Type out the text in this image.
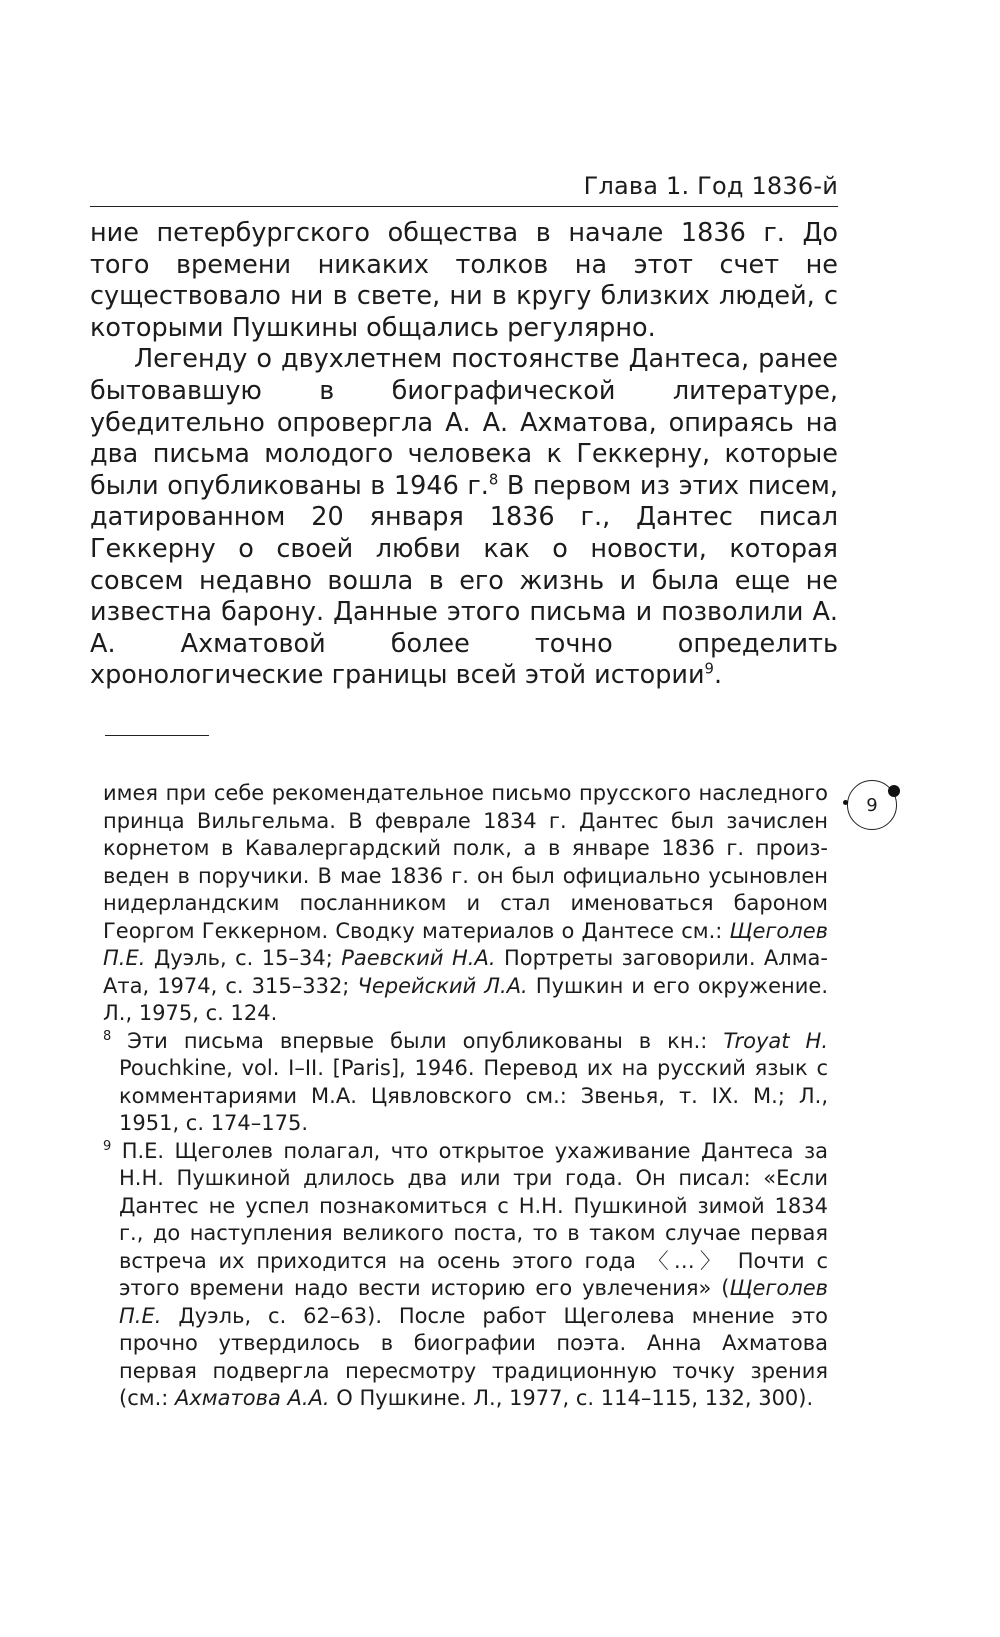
Глава 1. Год 1836-й

ние петербургского общества в начале 1836 г. До того времени никаких толков на этот счет не существовало ни в свете, ни в кругу близких людей, с которыми Пушкины общались регулярно.

Легенду о двухлетнем постоянстве Дантеса, ранее бытовавшую в биографической литературе, убедительно опровергла А. А. Ахматова, опираясь на два письма молодого человека к Геккерну, которые были опубликованы в 1946 г.$^8$ В первом из этих писем, датированном 20 января 1836 г., Дантес писал Геккерну о своей любви как о новости, которая совсем недавно вошла в его жизнь и была еще не известна барону. Данные этого письма и позволили А. А. Ахматовой более точно определить хронологические границы всей этой истории$^9$.

имея при себе рекомендательное письмо прусского наследного принца Вильгельма. В феврале 1834 г. Дантес был зачислен корнетом в Кавалергардский полк, а в январе 1836 г. произведен в поручики. В мае 1836 г. он был официально усыновлен нидерландским посланником и стал именоваться бароном Георгом Геккерном. Сводку материалов о Дантесе см.: Щеголев П.Е. Дуэль, с. 15–34; Раевский Н.А. Портреты заговорили. Алма-Ата, 1974, с. 315–332; Черейский Л.А. Пушкин и его окружение. Л., 1975, с. 124.

$^8$ Эти письма впервые были опубликованы в кн.: Troyat H. Pouchkine, vol. I–II. [Paris], 1946. Перевод их на русский язык с комментариями М.А. Цявловского см.: Звенья, т. IX. М.; Л., 1951, с. 174–175.

$^9$ П.Е. Щеголев полагал, что открытое ухаживание Дантеса за Н.Н. Пушкиной длилось два или три года. Он писал: «Если Дантес не успел познакомиться с Н.Н. Пушкиной зимой 1834 г., до наступления великого поста, то в таком случае первая встреча их приходится на осень этого года 〈…〉 Почти с этого времени надо вести историю его увлечения» (Щеголев П.Е. Дуэль, с. 62–63). После работ Щеголева мнение это прочно утвердилось в биографии поэта. Анна Ахматова первая подвергла пересмотру традиционную точку зрения (см.: Ахматова А.А. О Пушкине. Л., 1977, с. 114–115, 132, 300).

9
